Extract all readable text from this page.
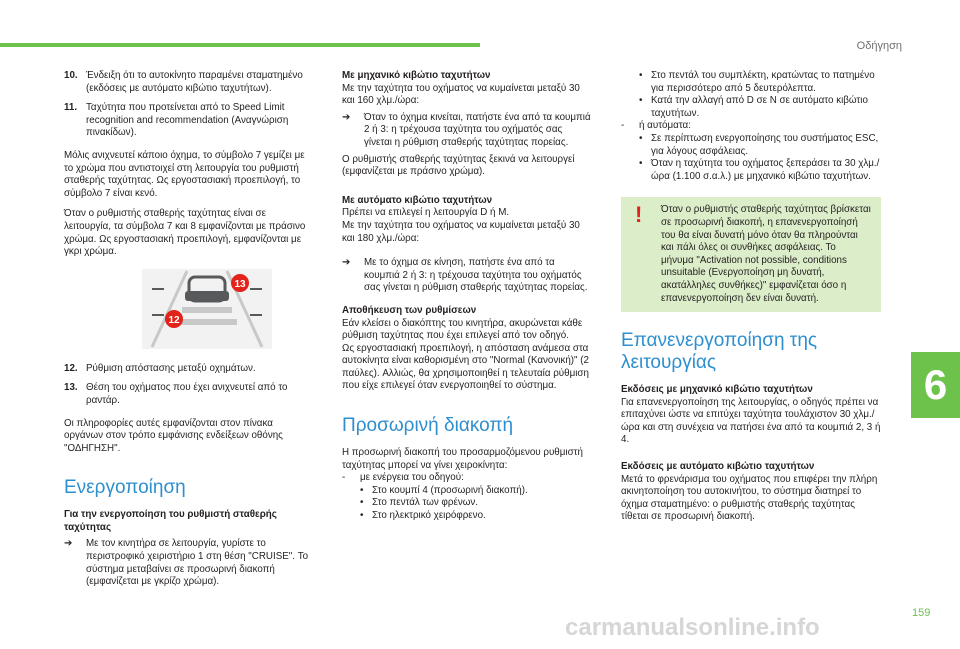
Οδήγηση
10. Ένδειξη ότι το αυτοκίνητο παραμένει σταματημένο (εκδόσεις με αυτόματο κιβώτιο ταχυτήτων).
11. Ταχύτητα που προτείνεται από το Speed Limit recognition and recommendation (Αναγνώριση πινακίδων).

Μόλις ανιχνευτεί κάποιο όχημα, το σύμβολο 7 γεμίζει με το χρώμα που αντιστοιχεί στη λειτουργία του ρυθμιστή σταθερής ταχύτητας. Ως εργοστασιακή προεπιλογή, το σύμβολο 7 είναι κενό.

Όταν ο ρυθμιστής σταθερής ταχύτητας είναι σε λειτουργία, τα σύμβολα 7 και 8 εμφανίζονται με πράσινο χρώμα. Ως εργοστασιακή προεπιλογή, εμφανίζονται με γκρι χρώμα.

13
12
12. Ρύθμιση απόστασης μεταξύ οχημάτων.
13. Θέση του οχήματος που έχει ανιχνευτεί από το ραντάρ.

Οι πληροφορίες αυτές εμφανίζονται στον πίνακα οργάνων στον τρόπο εμφάνισης ενδείξεων οθόνης "ΟΔΗΓΗΣΗ".

Ενεργοποίηση
Για την ενεργοποίηση του ρυθμιστή σταθερής ταχύτητας
➔	Με τον κινητήρα σε λειτουργία, γυρίστε το περιστροφικό χειριστήριο 1 στη θέση "CRUISE". Το σύστημα μεταβαίνει σε προσωρινή διακοπή (εμφανίζεται με γκρίζο χρώμα).
Με μηχανικό κιβώτιο ταχυτήτων

Με την ταχύτητα του οχήματος να κυμαίνεται μεταξύ 30 και 160 χλμ./ώρα:

➔	Όταν το όχημα κινείται, πατήστε ένα από τα κουμπιά 2 ή 3: η τρέχουσα ταχύτητα του οχήματός σας γίνεται η ρύθμιση σταθερής ταχύτητας πορείας.

Ο ρυθμιστής σταθερής ταχύτητας ξεκινά να λειτουργεί (εμφανίζεται με πράσινο χρώμα).

Με αυτόματο κιβώτιο ταχυτήτων

Πρέπει να επιλεγεί η λειτουργία D ή M.

Με την ταχύτητα του οχήματος να κυμαίνεται μεταξύ 30 και 180 χλμ./ώρα:

➔	Με το όχημα σε κίνηση, πατήστε ένα από τα κουμπιά 2 ή 3: η τρέχουσα ταχύτητα του οχήματός σας γίνεται η ρύθμιση σταθερής ταχύτητας πορείας.
Αποθήκευση των ρυθμίσεων

Εάν κλείσει ο διακόπτης του κινητήρα, ακυρώνεται κάθε ρύθμιση ταχύτητας που έχει επιλεγεί από τον οδηγό.

Ως εργοστασιακή προεπιλογή, η απόσταση ανάμεσα στα αυτοκίνητα είναι καθορισμένη στο "Normal (Κανονική)" (2 παύλες). Αλλιώς, θα χρησιμοποιηθεί η τελευταία ρύθμιση που είχε επιλεγεί όταν ενεργοποιηθεί το σύστημα.

Προσωρινή διακοπή

Η προσωρινή διακοπή του προσαρμοζόμενου ρυθμιστή ταχύτητας μπορεί να γίνει χειροκίνητα:

-	με ενέργεια του οδηγού:
• Στο κουμπί 4 (προσωρινή διακοπή).
• Στο πεντάλ των φρένων.
• Στο ηλεκτρικό χειρόφρενο.
• Στο πεντάλ του συμπλέκτη, κρατώντας το πατημένο για περισσότερο από 5 δευτερόλεπτα.
• Κατά την αλλαγή από D σε N σε αυτόματο κιβώτιο ταχυτήτων.
-	ή αυτόματα:
• Σε περίπτωση ενεργοποίησης του συστήματος ESC, για λόγους ασφάλειας.
• Όταν η ταχύτητα του οχήματος ξεπεράσει τα 30 χλμ./ώρα (1.100 σ.α.λ.) με μηχανικό κιβώτιο ταχυτήτων.
! Όταν ο ρυθμιστής σταθερής ταχύτητας βρίσκεται σε προσωρινή διακοπή, η επανενεργοποίησή του θα είναι δυνατή μόνο όταν θα πληρούνται και πάλι όλες οι συνθήκες ασφάλειας. Το μήνυμα "Activation not possible, conditions unsuitable (Ενεργοποίηση μη δυνατή, ακατάλληλες συνθήκες)" εμφανίζεται όσο η επανενεργοποίηση δεν είναι δυνατή.
Επανενεργοποίηση της λειτουργίας
Εκδόσεις με μηχανικό κιβώτιο ταχυτήτων

Για επανενεργοποίηση της λειτουργίας, ο οδηγός πρέπει να επιταχύνει ώστε να επιτύχει ταχύτητα τουλάχιστον 30 χλμ./ώρα και στη συνέχεια να πατήσει ένα από τα κουμπιά 2, 3 ή 4.

Εκδόσεις με αυτόματο κιβώτιο ταχυτήτων

Μετά το φρενάρισμα του οχήματος που επιφέρει την πλήρη ακινητοποίηση του αυτοκινήτου, το σύστημα διατηρεί το όχημα σταματημένο: ο ρυθμιστής σταθερής ταχύτητας τίθεται σε προσωρινή διακοπή.

6
159
carmanualsonline.info
